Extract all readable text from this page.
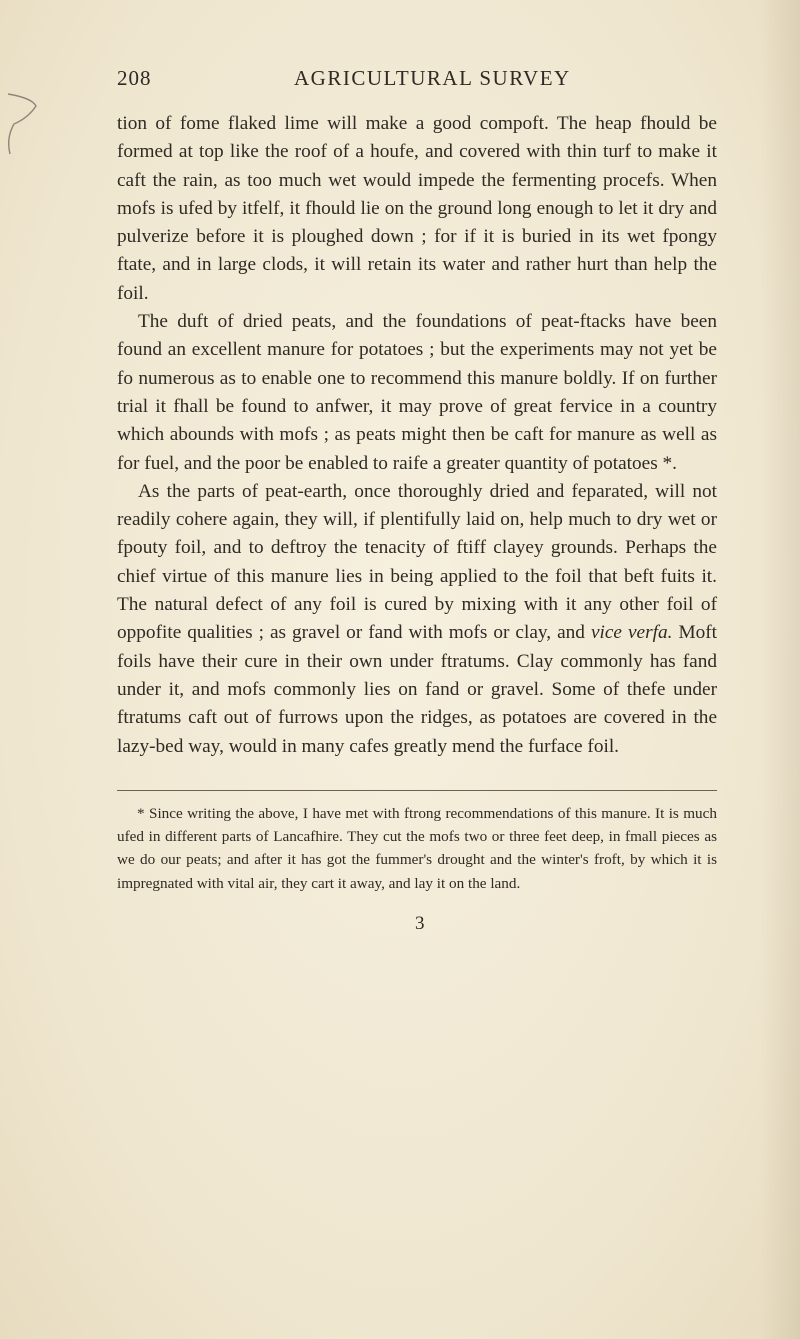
208	AGRICULTURAL SURVEY

tion of fome flaked lime will make a good compoft. The heap fhould be formed at top like the roof of a houfe, and covered with thin turf to make it caft the rain, as too much wet would impede the fermenting procefs. When mofs is ufed by itfelf, it fhould lie on the ground long enough to let it dry and pulverize before it is ploughed down ; for if it is buried in its wet fpongy ftate, and in large clods, it will retain its water and rather hurt than help the foil.

The duft of dried peats, and the foundations of peat-ftacks have been found an excellent manure for potatoes ; but the experiments may not yet be fo numerous as to enable one to recommend this manure boldly. If on further trial it fhall be found to anfwer, it may prove of great fervice in a country which abounds with mofs ; as peats might then be caft for manure as well as for fuel, and the poor be enabled to raife a greater quantity of potatoes *.

As the parts of peat-earth, once thoroughly dried and feparated, will not readily cohere again, they will, if plentifully laid on, help much to dry wet or fpouty foil, and to deftroy the tenacity of ftiff clayey grounds. Perhaps the chief virtue of this manure lies in being applied to the foil that beft fuits it. The natural defect of any foil is cured by mixing with it any other foil of oppofite qualities ; as gravel or fand with mofs or clay, and vice verfa. Moft foils have their cure in their own under ftratums. Clay commonly has fand under it, and mofs commonly lies on fand or gravel. Some of thefe under ftratums caft out of furrows upon the ridges, as potatoes are covered in the lazy-bed way, would in many cafes greatly mend the furface foil.

* Since writing the above, I have met with ftrong recommendations of this manure. It is much ufed in different parts of Lancafhire. They cut the mofs two or three feet deep, in fmall pieces as we do our peats; and after it has got the fummer's drought and the winter's froft, by which it is impregnated with vital air, they cart it away, and lay it on the land.
3
